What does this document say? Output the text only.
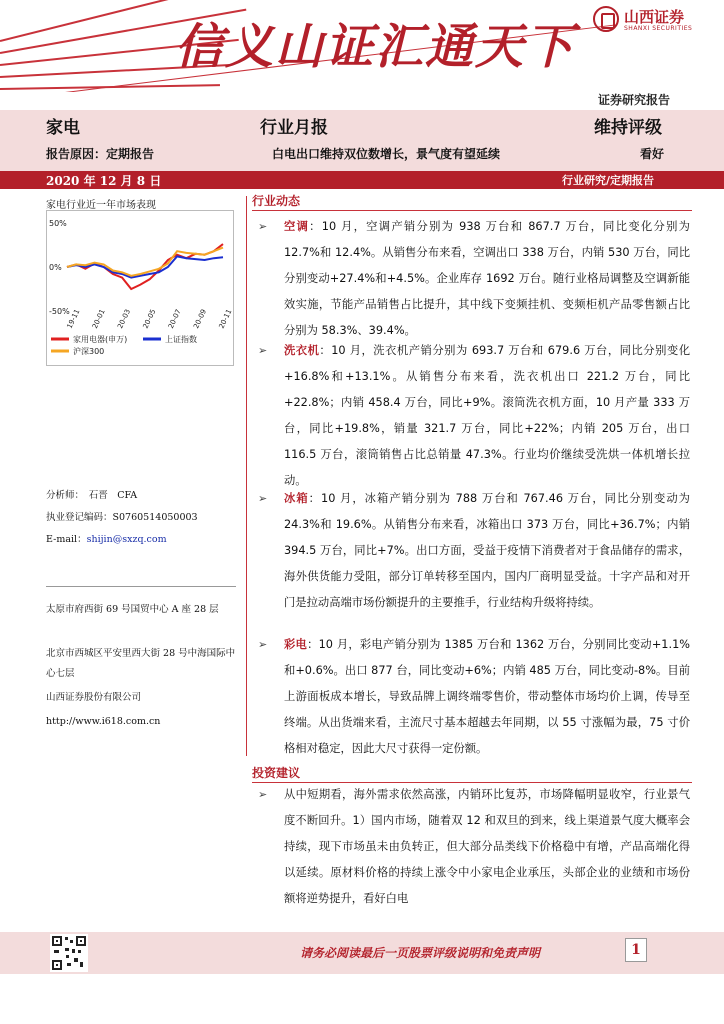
信义山证汇通天下
山西证券
SHANXI SECURITIES
证券研究报告
家电	行业月报	维持评级
报告原因：定期报告	白电出口维持双位数增长，景气度有望延续	看好
2020 年 12 月 8 日	行业研究/定期报告
家电行业近一年市场表现
50%
0%
-50%
19-11 20-01 20-03 20-05 20-07 20-09 20-11
家用电器(申万)	上证指数
沪深300
分析师：　石晋　CFA
执业登记编码：S0760514050003
E-mail：shijin@sxzq.com
太原市府西街 69 号国贸中心 A 座 28 层
北京市西城区平安里西大街 28 号中海国际中心七层
山西证券股份有限公司
http://www.i618.com.cn
行业动态
➢ 空调：10 月，空调产销分别为 938 万台和 867.7 万台，同比变化分别为 12.7%和 12.4%。从销售分布来看，空调出口 338 万台，内销 530 万台，同比分别变动+27.4%和+4.5%。企业库存 1692 万台。随行业格局调整及空调新能效实施，节能产品销售占比提升，其中线下变频挂机、变频柜机产品零售额占比分别为 58.3%、39.4%。
➢ 洗衣机：10 月，洗衣机产销分别为 693.7 万台和 679.6 万台，同比分别变化+16.8%和+13.1%。从销售分布来看，洗衣机出口 221.2 万台，同比+22.8%；内销 458.4 万台，同比+9%。滚筒洗衣机方面，10 月产量 333 万台，同比+19.8%，销量 321.7 万台，同比+22%；内销 205 万台，出口 116.5 万台，滚筒销售占比总销量 47.3%。行业均价继续受洗烘一体机增长拉动。
➢ 冰箱：10 月，冰箱产销分别为 788 万台和 767.46 万台，同比分别变动为 24.3%和 19.6%。从销售分布来看，冰箱出口 373 万台，同比+36.7%；内销 394.5 万台，同比+7%。出口方面，受益于疫情下消费者对于食品储存的需求，海外供货能力受阻，部分订单转移至国内，国内厂商明显受益。十字产品和对开门是拉动高端市场份额提升的主要推手，行业结构升级将持续。
➢ 彩电：10 月，彩电产销分别为 1385 万台和 1362 万台，分别同比变动+1.1%和+0.6%。出口 877 台，同比变动+6%；内销 485 万台，同比变动-8%。目前上游面板成本增长，导致品牌上调终端零售价，带动整体市场均价上调，传导至终端。从出货端来看，主流尺寸基本超越去年同期，以 55 寸涨幅为最，75 寸价格相对稳定，因此大尺寸获得一定份额。
投资建议
➢ 从中短期看，海外需求依然高涨，内销环比复苏，市场降幅明显收窄，行业景气度不断回升。1）国内市场，随着双 12 和双旦的到来，线上渠道景气度大概率会持续，现下市场虽未由负转正，但大部分品类线下价格稳中有增，产品高端化得以延续。原材料价格的持续上涨令中小家电企业承压，头部企业的业绩和市场份额将逆势提升，看好白电
请务必阅读最后一页股票评级说明和免责声明	1
